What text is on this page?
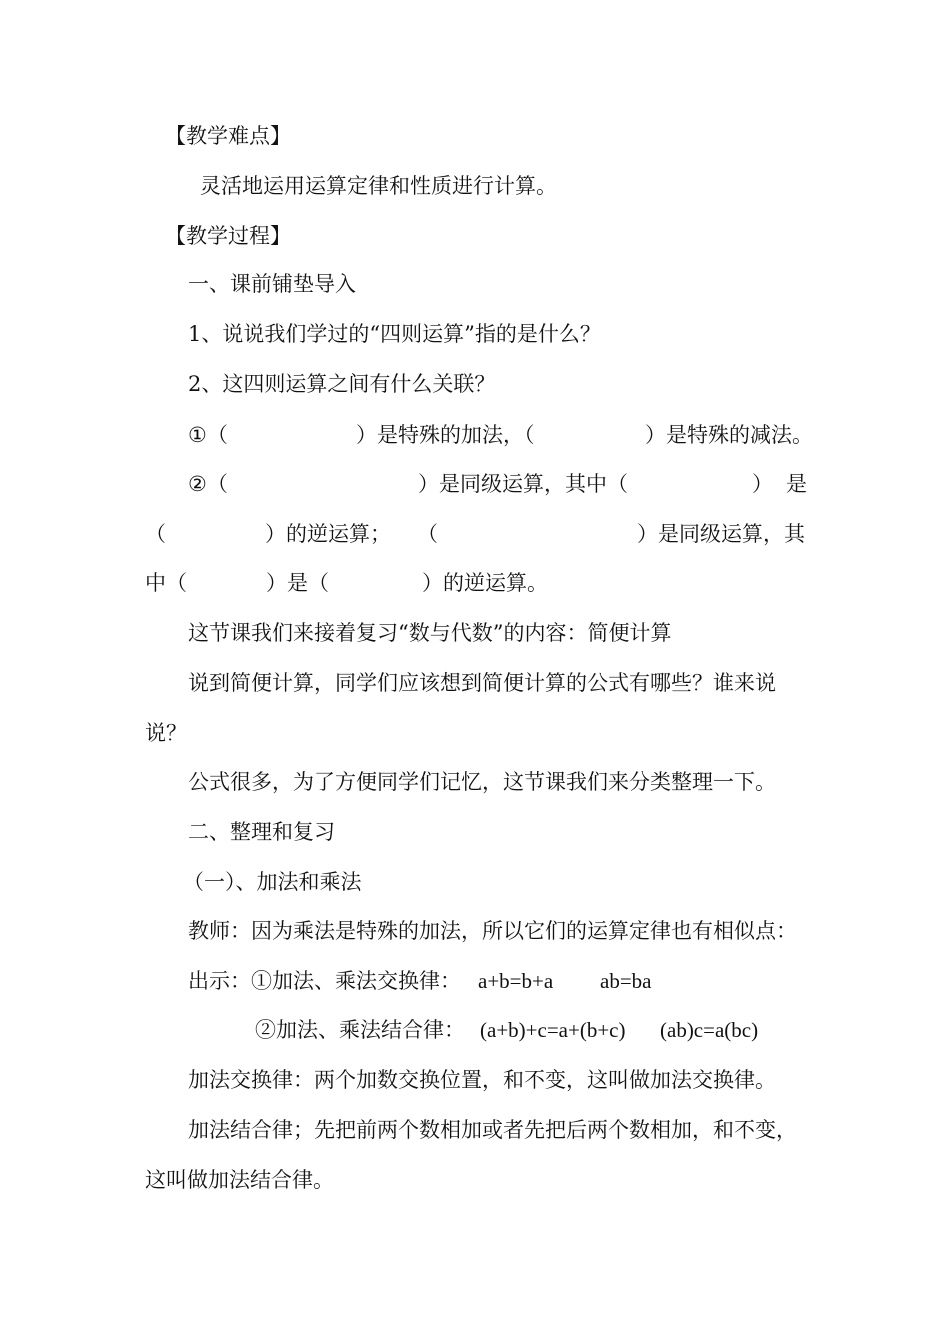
【教学难点】
灵活地运用运算定律和性质进行计算。
【教学过程】
一、课前铺垫导入
1、说说我们学过的“四则运算”指的是什么？
2、这四则运算之间有什么关联？
①（	）是特殊的加法，（	）是特殊的减法。
②（	）是同级运算，其中（	） 是
（	）的逆运算； （	）是同级运算，其
中（	）是（	）的逆运算。
这节课我们来接着复习“数与代数”的内容：简便计算
说到简便计算，同学们应该想到简便计算的公式有哪些？谁来说
说？
公式很多，为了方便同学们记忆，这节课我们来分类整理一下。
二、整理和复习
（一）、加法和乘法
教师：因为乘法是特殊的加法，所以它们的运算定律也有相似点：
出示：①加法、乘法交换律： a+b=b+a ab=ba
②加法、乘法结合律： (a+b)+c=a+(b+c) (ab)c=a(bc)
加法交换律：两个加数交换位置，和不变，这叫做加法交换律。
加法结合律；先把前两个数相加或者先把后两个数相加，和不变，
这叫做加法结合律。
